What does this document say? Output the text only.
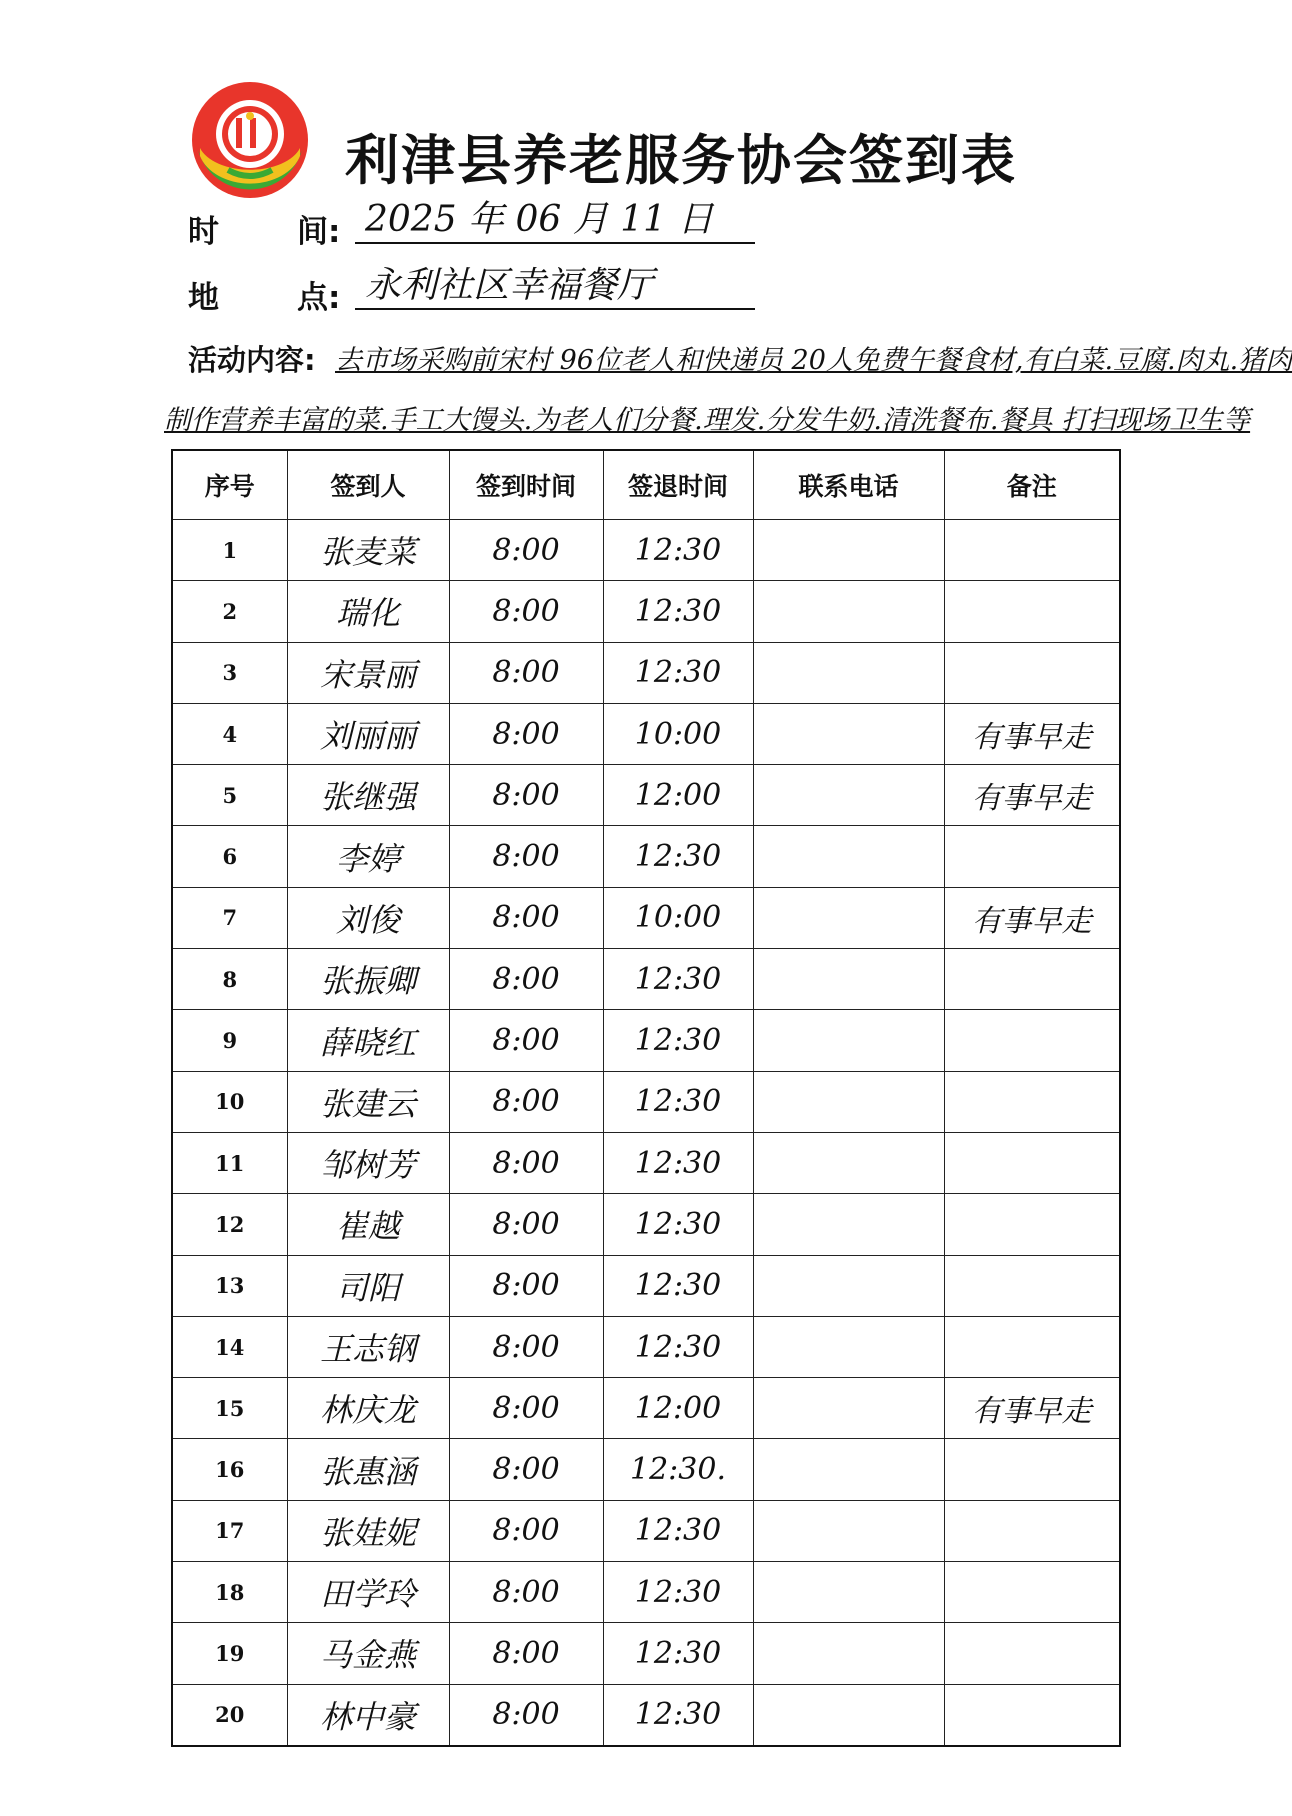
利津县养老服务协会签到表
时	间: 2025 年 06 月 11 日
地	点: 永利社区幸福餐厅
活动内容: 去市场采购前宋村 96位老人和快递员 20人免费午餐食材,有白菜.豆腐.肉丸.猪肉
制作营养丰富的菜.手工大馒头.为老人们分餐.理发.分发牛奶.清洗餐布.餐具 打扫现场卫生等
序号	签到人	签到时间	签退时间	联系电话	备注
1	张麦菜	8:00	12:30		
2	瑞化	8:00	12:30		
3	宋景丽	8:00	12:30		
4	刘丽丽	8:00	10:00		有事早走
5	张继强	8:00	12:00		有事早走
6	李婷	8:00	12:30		
7	刘俊	8:00	10:00		有事早走
8	张振卿	8:00	12:30		
9	薛晓红	8:00	12:30		
10	张建云	8:00	12:30		
11	邹树芳	8:00	12:30		
12	崔越	8:00	12:30		
13	司阳	8:00	12:30		
14	王志钢	8:00	12:30		
15	林庆龙	8:00	12:00		有事早走
16	张惠涵	8:00	12:30.		
17	张娃妮	8:00	12:30		
18	田学玲	8:00	12:30		
19	马金燕	8:00	12:30		
20	林中豪	8:00	12:30		
